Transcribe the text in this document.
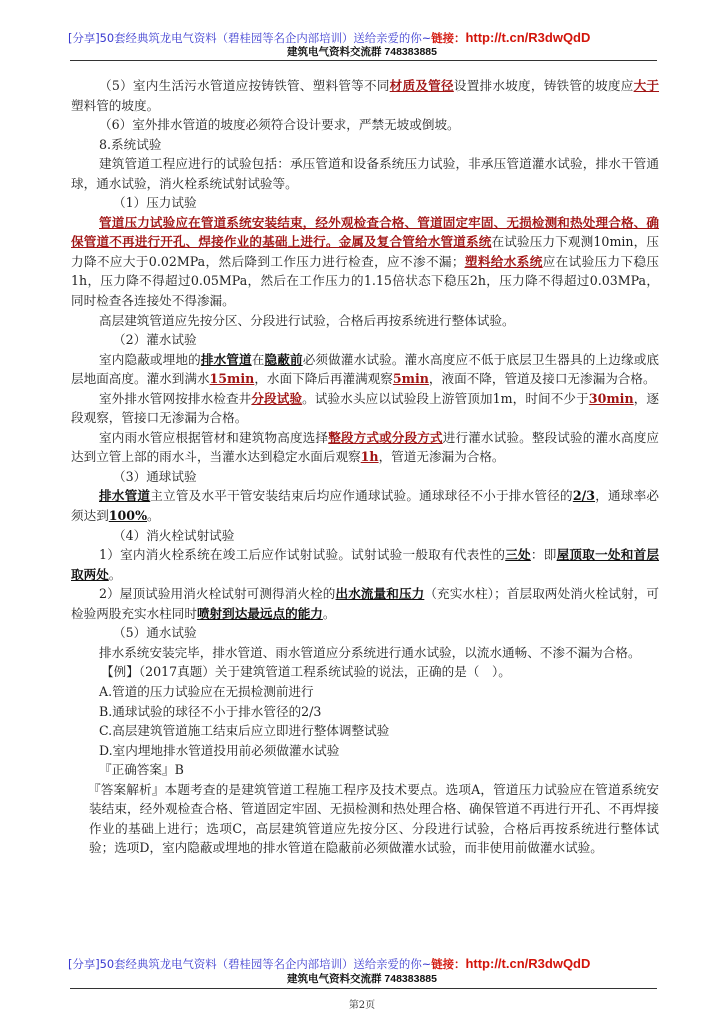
[分享]50套经典筑龙电气资料（碧桂园等名企内部培训）送给亲爱的你~链接：http://t.cn/R3dwQdD
建筑电气资料交流群 748383885

（5）室内生活污水管道应按铸铁管、塑料管等不同材质及管径设置排水坡度，铸铁管的坡度应大于塑料管的坡度。

（6）室外排水管道的坡度必须符合设计要求，严禁无坡或倒坡。

8.系统试验

建筑管道工程应进行的试验包括：承压管道和设备系统压力试验，非承压管道灌水试验，排水干管通球，通水试验，消火栓系统试射试验等。

（1）压力试验

管道压力试验应在管道系统安装结束，经外观检查合格、管道固定牢固、无损检测和热处理合格、确保管道不再进行开孔、焊接作业的基础上进行。金属及复合管给水管道系统在试验压力下观测10min，压力降不应大于0.02MPa，然后降到工作压力进行检查，应不渗不漏；塑料给水系统应在试验压力下稳压1h，压力降不得超过0.05MPa，然后在工作压力的1.15倍状态下稳压2h，压力降不得超过0.03MPa，同时检查各连接处不得渗漏。

高层建筑管道应先按分区、分段进行试验，合格后再按系统进行整体试验。

（2）灌水试验

室内隐蔽或埋地的排水管道在隐蔽前必须做灌水试验。灌水高度应不低于底层卫生器具的上边缘或底层地面高度。灌水到满水15min，水面下降后再灌满观察5min，液面不降，管道及接口无渗漏为合格。

室外排水管网按排水检查井分段试验。试验水头应以试验段上游管顶加1m，时间不少于30min，逐段观察，管接口无渗漏为合格。

室内雨水管应根据管材和建筑物高度选择整段方式或分段方式进行灌水试验。整段试验的灌水高度应达到立管上部的雨水斗，当灌水达到稳定水面后观察1h，管道无渗漏为合格。

（3）通球试验

排水管道主立管及水平干管安装结束后均应作通球试验。通球球径不小于排水管径的2/3，通球率必须达到100%。

（4）消火栓试射试验

1）室内消火栓系统在竣工后应作试射试验。试射试验一般取有代表性的三处：即屋顶取一处和首层取两处。

2）屋顶试验用消火栓试射可测得消火栓的出水流量和压力（充实水柱）；首层取两处消火栓试射，可检验两股充实水柱同时喷射到达最远点的能力。

（5）通水试验

排水系统安装完毕，排水管道、雨水管道应分系统进行通水试验，以流水通畅、不渗不漏为合格。

【例】（2017真题）关于建筑管道工程系统试验的说法，正确的是（　）。

A.管道的压力试验应在无损检测前进行

B.通球试验的球径不小于排水管径的2/3

C.高层建筑管道施工结束后应立即进行整体调整试验

D.室内埋地排水管道投用前必须做灌水试验

『正确答案』B

『答案解析』本题考查的是建筑管道工程施工程序及技术要点。选项A，管道压力试验应在管道系统安装结束，经外观检查合格、管道固定牢固、无损检测和热处理合格、确保管道不再进行开孔、不再焊接作业的基础上进行；选项C，高层建筑管道应先按分区、分段进行试验，合格后再按系统进行整体试验；选项D，室内隐蔽或埋地的排水管道在隐蔽前必须做灌水试验，而非使用前做灌水试验。

[分享]50套经典筑龙电气资料（碧桂园等名企内部培训）送给亲爱的你~链接：http://t.cn/R3dwQdD
建筑电气资料交流群 748383885
第2页
